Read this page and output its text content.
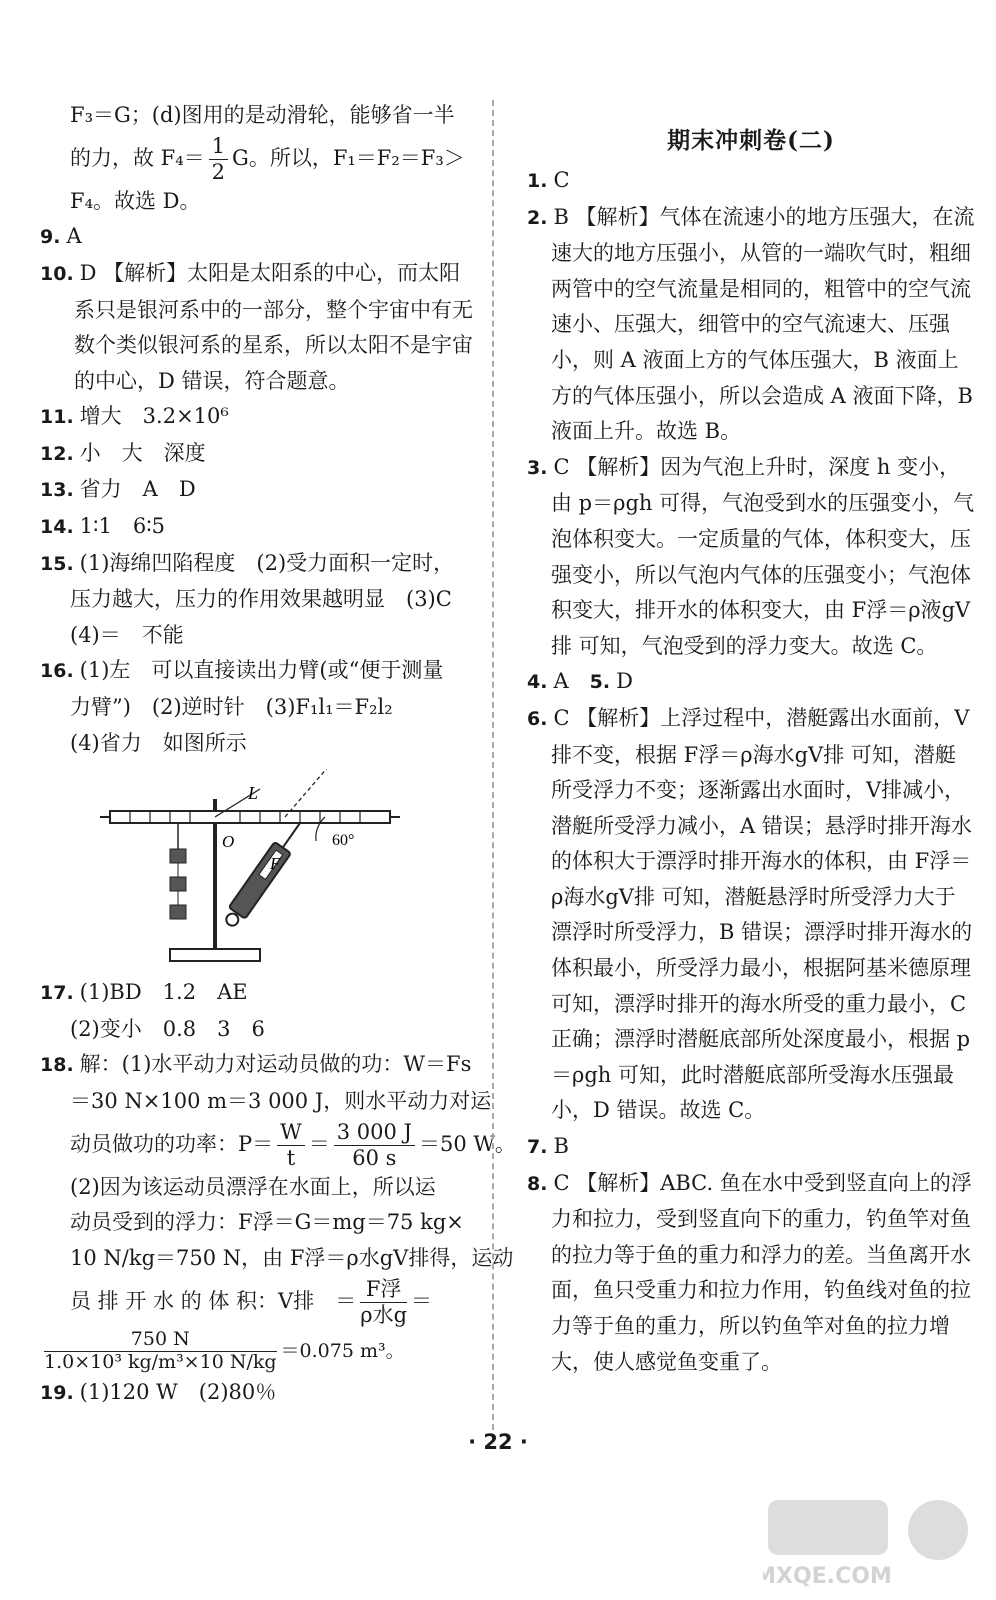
F₃＝G；(d)图用的是动滑轮，能够省一半
的力，故 $F_4= \frac{1}{2}$ G。所以，F₁＝F₂＝F₃＞
F₄。故选 D。
9. A
10. D 【解析】太阳是太阳系的中心，而太阳系只是银河系中的一部分，整个宇宙中有无数个类似银河系的星系，所以太阳不是宇宙的中心，D 错误，符合题意。
11. 增大　3.2×10⁶
12. 小　大　深度
13. 省力　A　D
14. 1∶1　6∶5
15. (1)海绵凹陷程度　(2)受力面积一定时，
压力越大，压力的作用效果越明显　(3)C
(4)＝　不能
16. (1)左　可以直接读出力臂(或“便于测量
力臂”)　(2)逆时针　(3)F₁l₁＝F₂l₂
(4)省力　如图所示
L
O
F
60°
17. (1)BD　1.2　AE
(2)变小　0.8　3　6
18. 解：(1)水平动力对运动员做的功：W＝Fs
＝30 N×100 m＝3 000 J，则水平动力对运
动员做功的功率：$P= \frac{W}{t} = \frac{3 000 J}{60 s} =50$ W。
(2)因为该运动员漂浮在水面上，所以运
动员受到的浮力：F浮＝G＝mg＝75 kg×
10 N/kg＝750 N，由 F浮＝ρ水gV排得，运动
员 排 开 水 的 体 积：V排　＝ $\frac{\text{F浮}}{\text{ρ水g}}$ ＝
$\frac{750 N}{\text{1.0×10³ kg/m³×10 N/kg}} =0.075$ m³。
19. (1)120 W　(2)80％
期末冲刺卷(二)
1. C
2. B 【解析】气体在流速小的地方压强大，在流速大的地方压强小，从管的一端吹气时，粗细两管中的空气流量是相同的，粗管中的空气流速小、压强大，细管中的空气流速大、压强小，则 A 液面上方的气体压强大，B 液面上方的气体压强小，所以会造成 A 液面下降，B 液面上升。故选 B。
3. C 【解析】因为气泡上升时，深度 h 变小，由 p＝ρgh 可得，气泡受到水的压强变小，气泡体积变大。一定质量的气体，体积变大，压强变小，所以气泡内气体的压强变小；气泡体积变大，排开水的体积变大，由 F浮＝ρ液gV排 可知，气泡受到的浮力变大。故选 C。
4. A　 5. D
6. C 【解析】上浮过程中，潜艇露出水面前，V排不变，根据 F浮＝ρ海水gV排 可知，潜艇所受浮力不变；逐渐露出水面时，V排减小，潜艇所受浮力减小，A 错误；悬浮时排开海水的体积大于漂浮时排开海水的体积，由 F浮＝ρ海水gV排 可知，潜艇悬浮时所受浮力大于漂浮时所受浮力，B 错误；漂浮时排开海水的体积最小，所受浮力最小，根据阿基米德原理可知，漂浮时排开的海水所受的重力最小，C 正确；漂浮时潜艇底部所处深度最小，根据 p＝ρgh 可知，此时潜艇底部所受海水压强最小，D 错误。故选 C。
7. B
8. C 【解析】ABC. 鱼在水中受到竖直向上的浮力和拉力，受到竖直向下的重力，钓鱼竿对鱼的拉力等于鱼的重力和浮力的差。当鱼离开水面，鱼只受重力和拉力作用，钓鱼线对鱼的拉力等于鱼的重力，所以钓鱼竿对鱼的拉力增大，使人感觉鱼变重了。
· 22 ·
MXQE.COM
